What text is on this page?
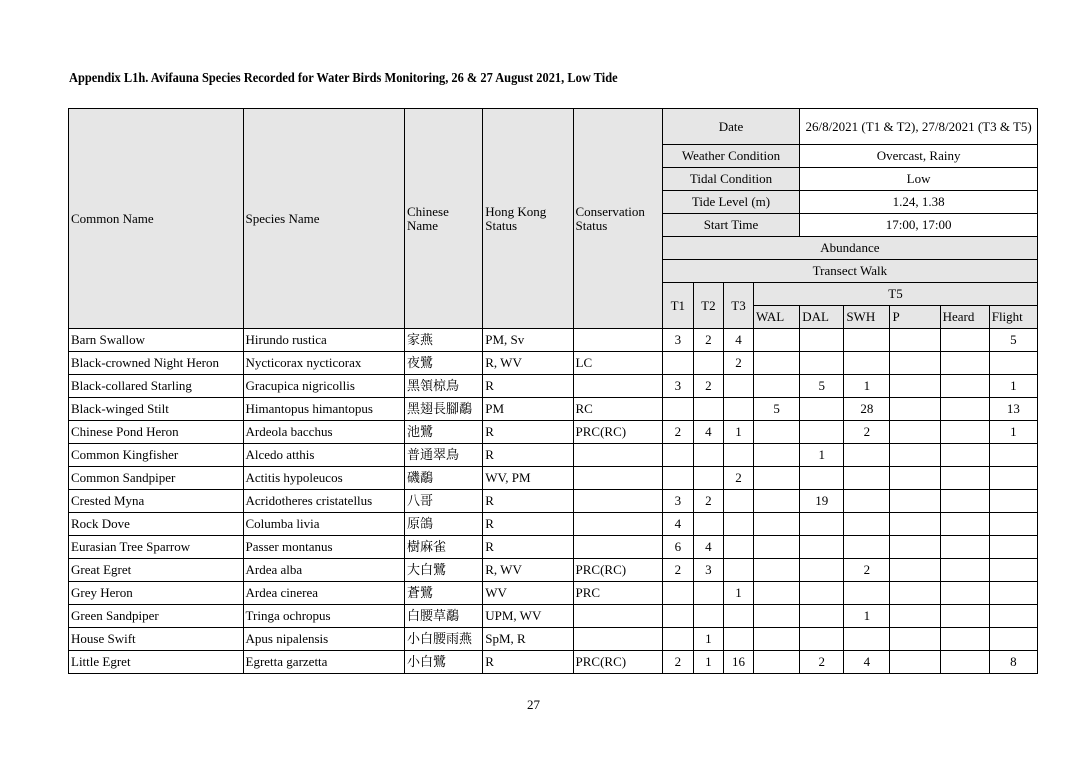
Appendix L1h. Avifauna Species Recorded for Water Birds Monitoring, 26 & 27 August 2021, Low Tide
Common Name	Species Name	Chinese Name	Hong Kong Status	Conservation Status	Date				26/8/2021 (T1 & T2), 27/8/2021 (T3 & T5)				
					Weather Condition				Overcast, Rainy				
					Tidal Condition				Low				
					Tide Level (m)				1.24, 1.38				
					Start Time				17:00, 17:00				
					Abundance								
					Transect Walk								
					T1	T2	T3	T5					
								WAL	DAL	SWH	P	Heard	Flight
Barn Swallow	Hirundo rustica	家燕	PM, Sv		3	2	4						5
Black-crowned Night Heron	Nycticorax nycticorax	夜鷺	R, WV	LC			2						
Black-collared Starling	Gracupica nigricollis	黑領椋鳥	R		3	2			5	1			1
Black-winged Stilt	Himantopus himantopus	黑翅長腳鷸	PM	RC				5		28			13
Chinese Pond Heron	Ardeola bacchus	池鷺	R	PRC(RC)	2	4	1			2			1
Common Kingfisher	Alcedo atthis	普通翠鳥	R						1				
Common Sandpiper	Actitis hypoleucos	磯鷸	WV, PM				2						
Crested Myna	Acridotheres cristatellus	八哥	R		3	2			19				
Rock Dove	Columba livia	原鴿	R		4								
Eurasian Tree Sparrow	Passer montanus	樹麻雀	R		6	4							
Great Egret	Ardea alba	大白鷺	R, WV	PRC(RC)	2	3				2			
Grey Heron	Ardea cinerea	蒼鷺	WV	PRC			1						
Green Sandpiper	Tringa ochropus	白腰草鷸	UPM, WV							1			
House Swift	Apus nipalensis	小白腰雨燕	SpM, R			1							
Little Egret	Egretta garzetta	小白鷺	R	PRC(RC)	2	1	16		2	4			8
27
